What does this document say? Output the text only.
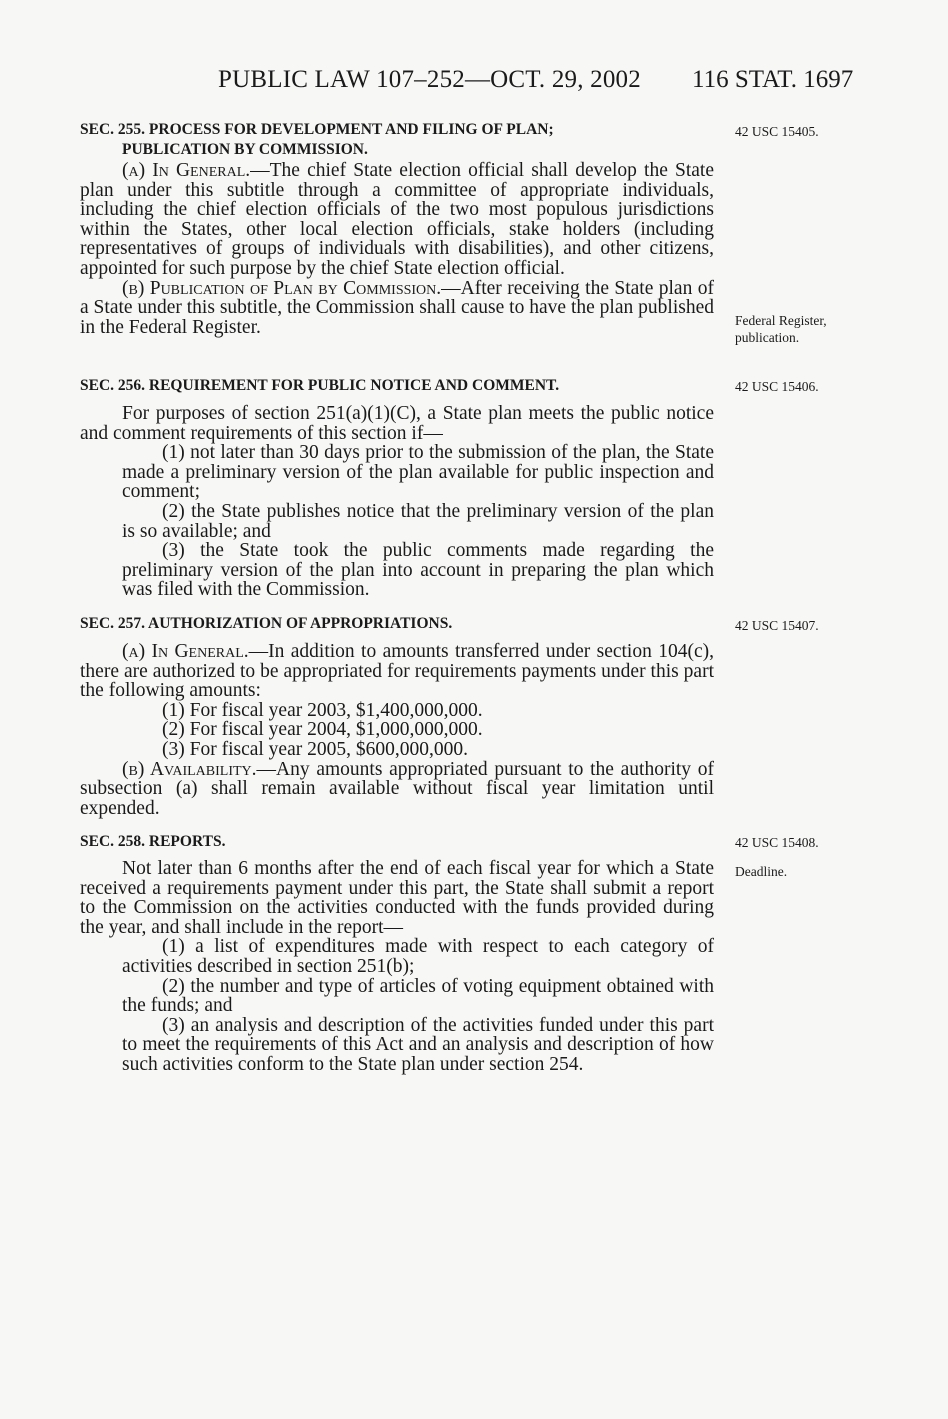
PUBLIC LAW 107–252—OCT. 29, 2002 116 STAT. 1697
SEC. 255. PROCESS FOR DEVELOPMENT AND FILING OF PLAN;
PUBLICATION BY COMMISSION.
42 USC 15405.

(a) In General.—The chief State election official shall develop the State plan under this subtitle through a committee of appropriate individuals, including the chief election officials of the two most populous jurisdictions within the States, other local election officials, stake holders (including representatives of groups of individuals with disabilities), and other citizens, appointed for such purpose by the chief State election official.

(b) Publication of Plan by Commission.—After receiving the State plan of a State under this subtitle, the Commission shall cause to have the plan published in the Federal Register.	Federal Register,
publication.
SEC. 256. REQUIREMENT FOR PUBLIC NOTICE AND COMMENT.	42 USC 15406.

For purposes of section 251(a)(1)(C), a State plan meets the public notice and comment requirements of this section if—

(1) not later than 30 days prior to the submission of the plan, the State made a preliminary version of the plan available for public inspection and comment;

(2) the State publishes notice that the preliminary version of the plan is so available; and

(3) the State took the public comments made regarding the preliminary version of the plan into account in preparing the plan which was filed with the Commission.

SEC. 257. AUTHORIZATION OF APPROPRIATIONS.	42 USC 15407.

(a) In General.—In addition to amounts transferred under section 104(c), there are authorized to be appropriated for requirements payments under this part the following amounts:

(1) For fiscal year 2003, $1,400,000,000.

(2) For fiscal year 2004, $1,000,000,000.

(3) For fiscal year 2005, $600,000,000.

(b) Availability.—Any amounts appropriated pursuant to the authority of subsection (a) shall remain available without fiscal year limitation until expended.

SEC. 258. REPORTS.	42 USC 15408.
Deadline.

Not later than 6 months after the end of each fiscal year for which a State received a requirements payment under this part, the State shall submit a report to the Commission on the activities conducted with the funds provided during the year, and shall include in the report—

(1) a list of expenditures made with respect to each category of activities described in section 251(b);

(2) the number and type of articles of voting equipment obtained with the funds; and

(3) an analysis and description of the activities funded under this part to meet the requirements of this Act and an analysis and description of how such activities conform to the State plan under section 254.
